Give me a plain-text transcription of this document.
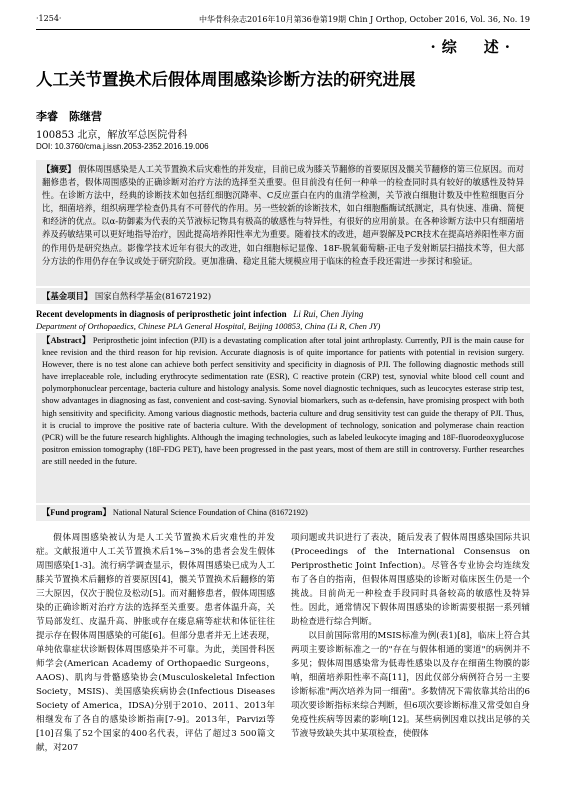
·1254·	中华骨科杂志2016年10月第36卷第19期 Chin J Orthop, October 2016, Vol. 36, No. 19
·综　述·
人工关节置换术后假体周围感染诊断方法的研究进展
李睿　陈继营
100853 北京，解放军总医院骨科
DOI: 10.3760/cma.j.issn.2053-2352.2016.19.006
【摘要】 假体周围感染是人工关节置换术后灾难性的并发症，目前已成为膝关节翻修的首要原因及髋关节翻修的第三位原因。而对翻修患者，假体周围感染的正确诊断对治疗方法的选择至关重要。但目前没有任何一种单一的检查同时具有较好的敏感性及特异性。在诊断方法中，经典的诊断技术如包括红细胞沉降率、C反应蛋白在内的血清学检测，关节液白细胞计数及中性粒细胞百分比，细菌培养，组织病理学检查仍具有不可替代的作用。另一些较新的诊断技术，如白细胞酯酶试纸测定，具有快速、准确、简便和经济的优点。以α-防御素为代表的关节液标记物具有极高的敏感性与特异性，有很好的应用前景。在各种诊断方法中只有细菌培养及药敏结果可以更好地指导治疗，因此提高培养阳性率尤为重要。随着技术的改进，超声裂解及PCR技术在提高培养阳性率方面的作用仍是研究热点。影像学技术近年有很大的改进，如白细胞标记显像、18F-脱氧葡萄糖-正电子发射断层扫描技术等，但大部分方法的作用仍存在争议或处于研究阶段。更加准确、稳定且能大规模应用于临床的检查手段还需进一步探讨和验证。
【基金项目】 国家自然科学基金(81672192)
Recent developments in diagnosis of periprosthetic joint infection Li Rui, Chen Jiying
Department of Orthopaedics, Chinese PLA General Hospital, Beijing 100853, China (Li R, Chen JY)
【Abstract】 Periprosthetic joint infection (PJI) is a devastating complication after total joint arthroplasty. Currently, PJI is the main cause for knee revision and the third reason for hip revision. Accurate diagnosis is of quite importance for patients with potential in revision surgery. However, there is no test alone can achieve both perfect sensitivity and specificity in diagnosis of PJI. The following diagnostic methods still have irreplaceable role, including erythrocyte sedimentation rate (ESR), C reactive protein (CRP) test, synovial white blood cell count and polymorphonuclear percentage, bacteria culture and histology analysis. Some novel diagnostic techniques, such as leucocytes esterase strip test, show advantages in diagnosing as fast, convenient and cost-saving. Synovial biomarkers, such as α-defensin, have promising prospect with both high sensitivity and specificity. Among various diagnostic methods, bacteria culture and drug sensitivity test can guide the therapy of PJI. Thus, it is crucial to improve the positive rate of bacteria culture. With the development of technology, sonication and polymerase chain reaction (PCR) will be the future research highlights. Although the imaging technologies, such as labeled leukocyte imaging and 18F-fluorodeoxyglucose positron emission tomography (18F-FDG PET), have been progressed in the past years, most of them are still in controversy. Further researches are still needed in the future.
【Fund program】 National Natural Science Foundation of China (81672192)

假体周围感染被认为是人工关节置换术后灾难性的并发症。文献报道中人工关节置换术后1%~3%的患者会发生假体周围感染[1-3]。流行病学调查显示，假体周围感染已成为人工膝关节置换术后翻修的首要原因[4]，髋关节置换术后翻修的第三大原因，仅次于脱位及松动[5]。而对翻修患者，假体周围感染的正确诊断对治疗方法的选择至关重要。患者体温升高，关节局部发红、皮温升高、肿胀或存在瘘息痛等症状和体征往往提示存在假体周围感染的可能[6]。但部分患者并无上述表现，单纯依靠症状诊断假体周围感染并不可靠。为此，美国骨科医师学会(American Academy of Orthopaedic Surgeons，AAOS)、肌肉与骨骼感染协会(Musculoskeletal Infection Society，MSIS)、美国感染疾病协会(Infectious Diseases Society of America，IDSA)分别于2010、2011、2013年相继发布了各自的感染诊断指南[7-9]。2013年，Parvizi等[10]召集了52个国家的400名代表，评估了超过3 500篇文献，对207

项问题或共识进行了表决，随后发表了假体周围感染国际共识(Proceedings of the International Consensus on Periprosthetic Joint Infection)。尽管各专业协会均连续发布了各自的指南，但假体周围感染的诊断对临床医生仍是一个挑战。目前尚无一种检查手段同时具备较高的敏感性及特异性。因此，通常情况下假体周围感染的诊断需要根据一系列辅助检查进行综合判断。

以目前国际常用的MSIS标准为例(表1)[8]，临床上符合其两项主要诊断标准之一的"存在与假体相通的窦道"的病例并不多见；假体周围感染常为低毒性感染以及存在细菌生物膜的影响，细菌培养阳性率不高[11]，因此仅部分病例符合另一主要诊断标准"两次培养为同一细菌"。多数情况下需依靠其给出的6项次要诊断指标来综合判断，但6项次要诊断标准又常受如自身免疫性疾病等因素的影响[12]。某些病例因难以找出足够的关节液导致缺失其中某项检查，使假体
